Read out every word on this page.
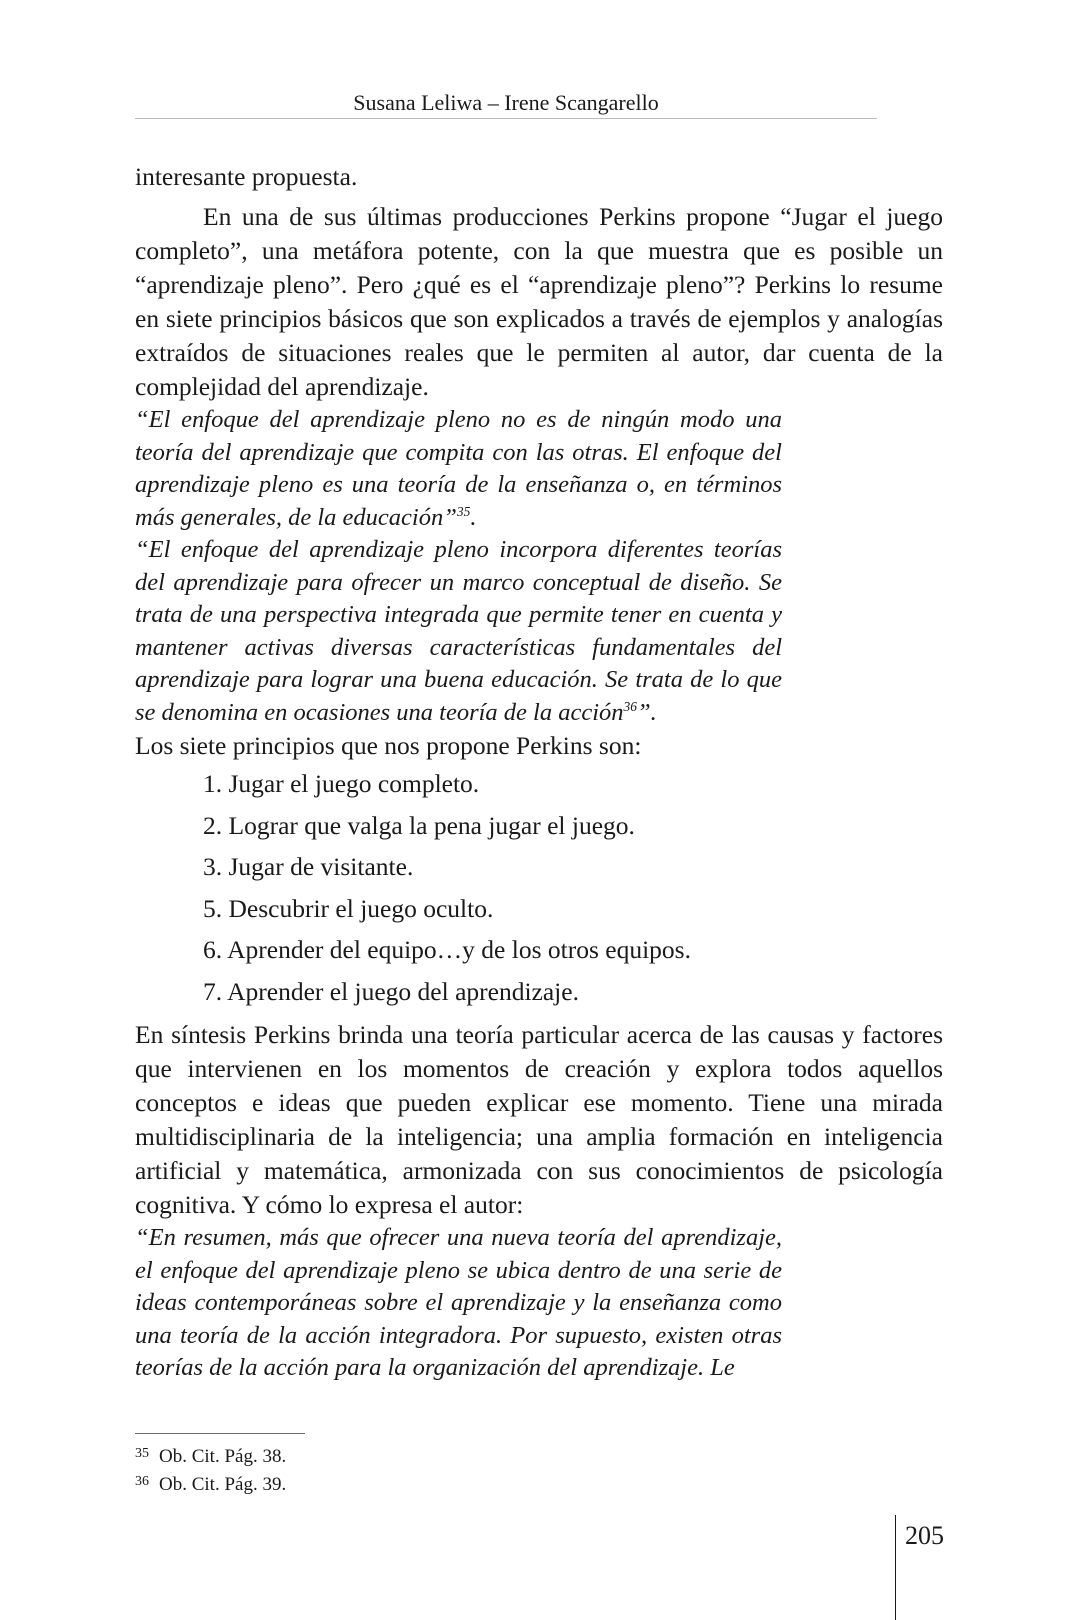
Susana Leliwa – Irene Scangarello

interesante propuesta.

En una de sus últimas producciones Perkins propone “Jugar el juego completo”, una metáfora potente, con la que muestra que es posible un “aprendizaje pleno”. Pero ¿qué es el “aprendizaje pleno”? Perkins lo resume en siete principios básicos que son explicados a través de ejemplos y analogías extraídos de situaciones reales que le permiten al autor, dar cuenta de la complejidad del aprendizaje.

“El enfoque del aprendizaje pleno no es de ningún modo una teoría del aprendizaje que compita con las otras. El enfoque del aprendizaje pleno es una teoría de la enseñanza o, en términos más generales, de la educación”$^{35}$.

“El enfoque del aprendizaje pleno incorpora diferentes teorías del aprendizaje para ofrecer un marco conceptual de diseño. Se trata de una perspectiva integrada que permite tener en cuenta y mantener activas diversas características fundamentales del aprendizaje para lograr una buena educación. Se trata de lo que se denomina en ocasiones una teoría de la acción$^{36}$”.

Los siete principios que nos propone Perkins son:

1. Jugar el juego completo.
2. Lograr que valga la pena jugar el juego.
3. Jugar de visitante.
5. Descubrir el juego oculto.
6. Aprender del equipo…y de los otros equipos.
7. Aprender el juego del aprendizaje.

En síntesis Perkins brinda una teoría particular acerca de las causas y factores que intervienen en los momentos de creación y explora todos aquellos conceptos e ideas que pueden explicar ese momento. Tiene una mirada multidisciplinaria de la inteligencia; una amplia formación en inteligencia artificial y matemática, armonizada con sus conocimientos de psicología cognitiva. Y cómo lo expresa el autor:

“En resumen, más que ofrecer una nueva teoría del aprendizaje, el enfoque del aprendizaje pleno se ubica dentro de una serie de ideas contemporáneas sobre el aprendizaje y la enseñanza como una teoría de la acción integradora. Por supuesto, existen otras teorías de la acción para la organización del aprendizaje. Le

35 Ob. Cit. Pág. 38.
36 Ob. Cit. Pág. 39.
205
